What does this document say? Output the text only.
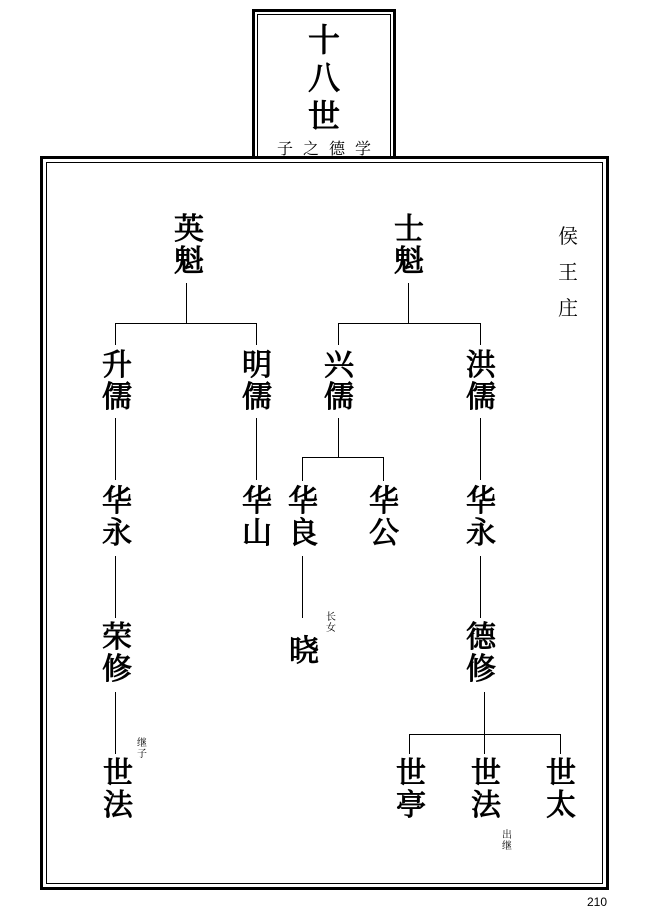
十
八
世
子之德学
侯
王
庄
英
魁
士
魁
升
儒
明
儒
兴
儒
洪
儒
华
永
华
山
华
良
华
公
华
永
荣
修
晓	德
修
世
法
世
亭
世
法
世
太
长
女
继
子
出
继
210
